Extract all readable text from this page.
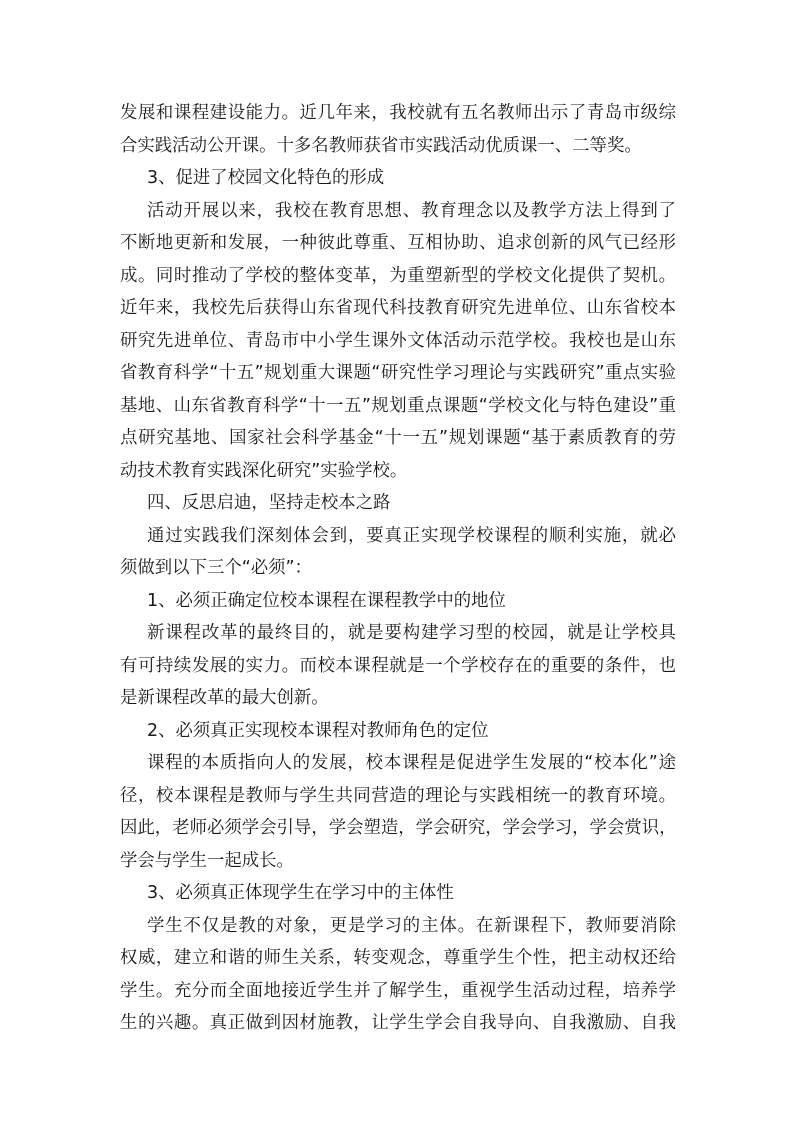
发展和课程建设能力。近几年来，我校就有五名教师出示了青岛市级综
合实践活动公开课。十多名教师获省市实践活动优质课一、二等奖。
3、促进了校园文化特色的形成
活动开展以来，我校在教育思想、教育理念以及教学方法上得到了
不断地更新和发展，一种彼此尊重、互相协助、追求创新的风气已经形
成。同时推动了学校的整体变革，为重塑新型的学校文化提供了契机。
近年来，我校先后获得山东省现代科技教育研究先进单位、山东省校本
研究先进单位、青岛市中小学生课外文体活动示范学校。我校也是山东
省教育科学“十五”规划重大课题“研究性学习理论与实践研究”重点实验
基地、山东省教育科学“十一五”规划重点课题“学校文化与特色建设”重
点研究基地、国家社会科学基金“十一五”规划课题“基于素质教育的劳
动技术教育实践深化研究”实验学校。
四、反思启迪，坚持走校本之路
通过实践我们深刻体会到，要真正实现学校课程的顺利实施，就必
须做到以下三个“必须”：
1、必须正确定位校本课程在课程教学中的地位
新课程改革的最终目的，就是要构建学习型的校园，就是让学校具
有可持续发展的实力。而校本课程就是一个学校存在的重要的条件，也
是新课程改革的最大创新。
2、必须真正实现校本课程对教师角色的定位
课程的本质指向人的发展，校本课程是促进学生发展的“校本化”途
径，校本课程是教师与学生共同营造的理论与实践相统一的教育环境。
因此，老师必须学会引导，学会塑造，学会研究，学会学习，学会赏识，
学会与学生一起成长。
3、必须真正体现学生在学习中的主体性
学生不仅是教的对象，更是学习的主体。在新课程下，教师要消除
权威，建立和谐的师生关系，转变观念，尊重学生个性，把主动权还给
学生。充分而全面地接近学生并了解学生，重视学生活动过程，培养学
生的兴趣。真正做到因材施教，让学生学会自我导向、自我激励、自我
